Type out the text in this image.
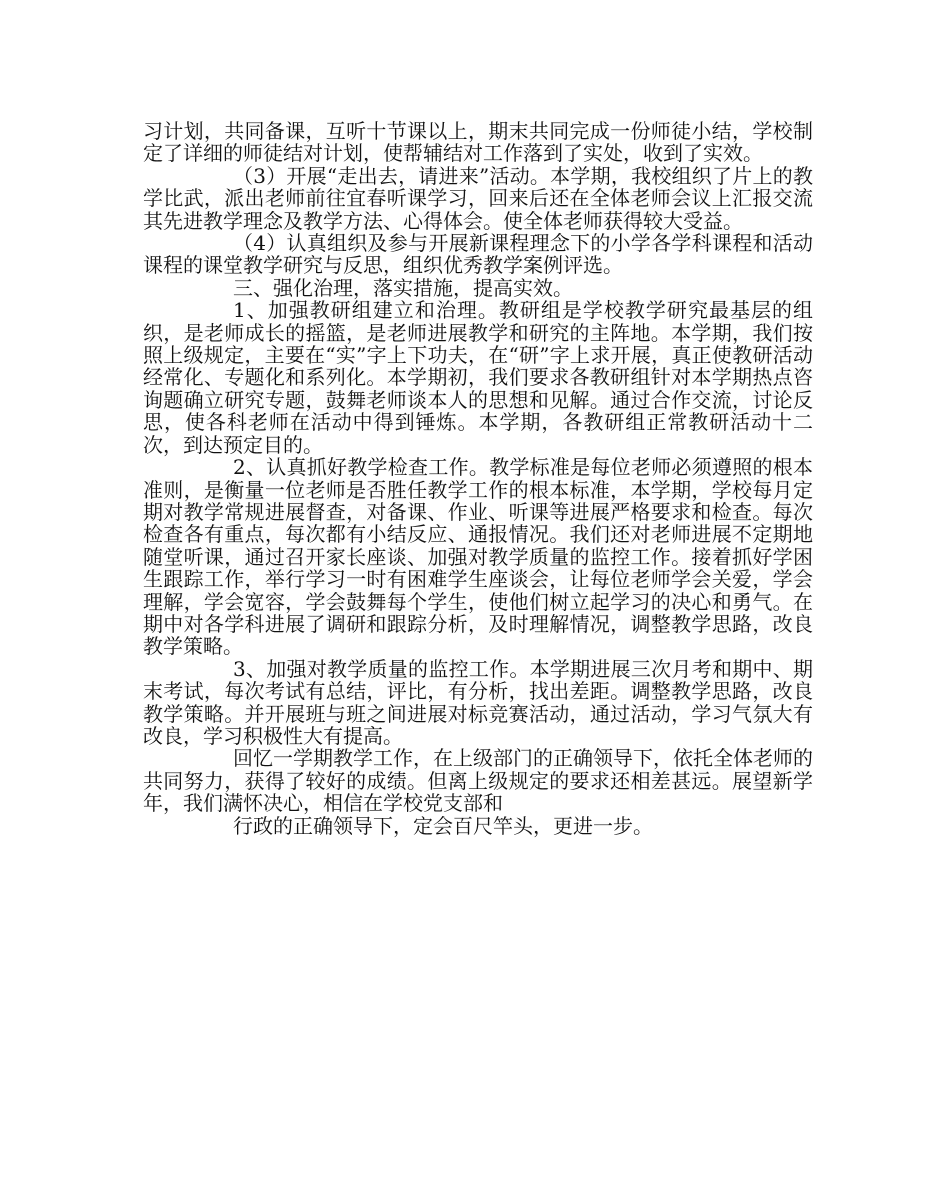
习计划，共同备课，互听十节课以上，期末共同完成一份师徒小结，学校制定了详细的师徒结对计划，使帮辅结对工作落到了实处，收到了实效。

（3）开展“走出去，请进来”活动。本学期，我校组织了片上的教学比武，派出老师前往宜春听课学习，回来后还在全体老师会议上汇报交流其先进教学理念及教学方法、心得体会。使全体老师获得较大受益。

（4）认真组织及参与开展新课程理念下的小学各学科课程和活动课程的课堂教学研究与反思，组织优秀教学案例评选。

三、强化治理，落实措施，提高实效。

1、加强教研组建立和治理。教研组是学校教学研究最基层的组织，是老师成长的摇篮，是老师进展教学和研究的主阵地。本学期，我们按照上级规定，主要在“实”字上下功夫，在“研”字上求开展，真正使教研活动经常化、专题化和系列化。本学期初，我们要求各教研组针对本学期热点咨询题确立研究专题，鼓舞老师谈本人的思想和见解。通过合作交流，讨论反思，使各科老师在活动中得到锤炼。本学期，各教研组正常教研活动十二次，到达预定目的。

2、认真抓好教学检查工作。教学标准是每位老师必须遵照的根本准则，是衡量一位老师是否胜任教学工作的根本标准，本学期，学校每月定期对教学常规进展督查，对备课、作业、听课等进展严格要求和检查。每次检查各有重点，每次都有小结反应、通报情况。我们还对老师进展不定期地随堂听课，通过召开家长座谈、加强对教学质量的监控工作。接着抓好学困生跟踪工作，举行学习一时有困难学生座谈会，让每位老师学会关爱，学会理解，学会宽容，学会鼓舞每个学生，使他们树立起学习的决心和勇气。在期中对各学科进展了调研和跟踪分析，及时理解情况，调整教学思路，改良教学策略。

3、加强对教学质量的监控工作。本学期进展三次月考和期中、期末考试，每次考试有总结，评比，有分析，找出差距。调整教学思路，改良教学策略。并开展班与班之间进展对标竞赛活动，通过活动，学习气氛大有改良，学习积极性大有提高。

回忆一学期教学工作，在上级部门的正确领导下，依托全体老师的共同努力，获得了较好的成绩。但离上级规定的要求还相差甚远。展望新学年，我们满怀决心，相信在学校党支部和

行政的正确领导下，定会百尺竿头，更进一步。
